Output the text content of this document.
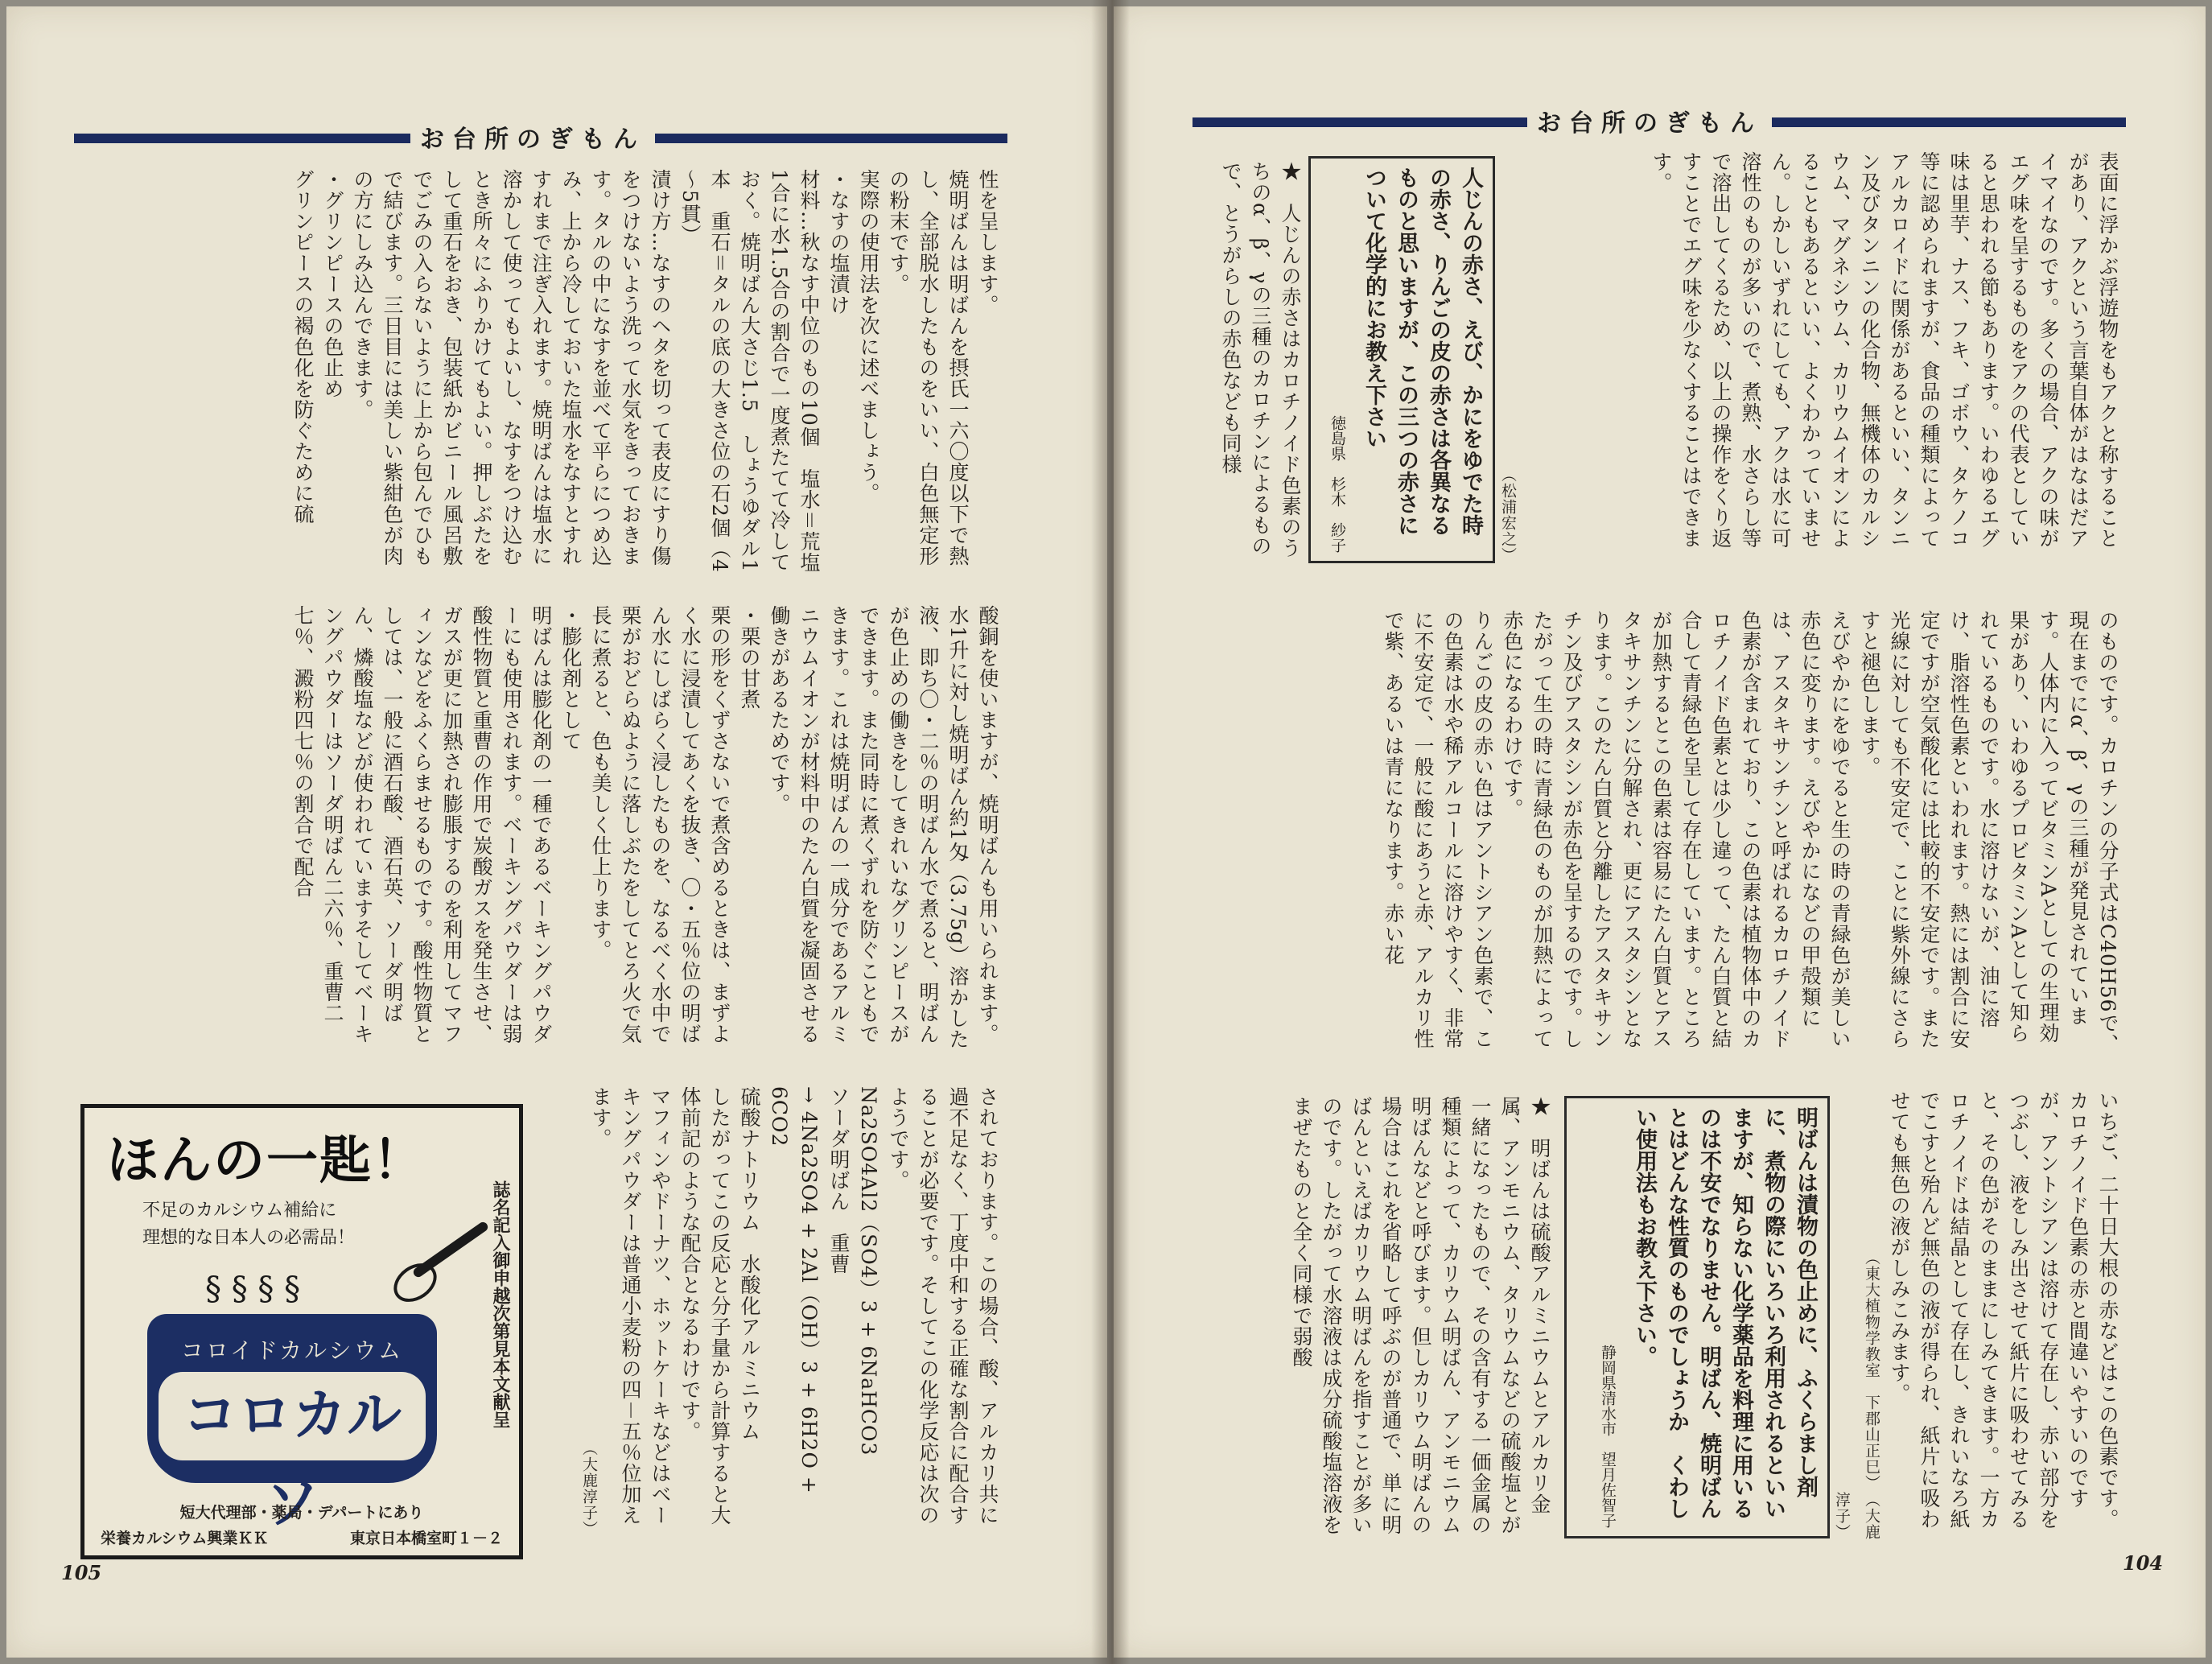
お台所のぎもん
お台所のぎもん
表面に浮かぶ浮遊物をもアクと称することがあり、アクという言葉自体がはなはだアイマイなのです。多くの場合、アクの味がエグ味を呈するものをアクの代表としていると思われる節もあります。いわゆるエグ味は里芋、ナス、フキ、ゴボウ、タケノコ等に認められますが、食品の種類によってアルカロイドに関係があるといい、タンニン及びタンニンの化合物、無機体のカルシウム、マグネシウム、カリウムイオンによることもあるといい、よくわかっていません。しかしいずれにしても、アクは水に可溶性のものが多いので、煮熟、水さらし等で溶出してくるため、以上の操作をくり返すことでエグ味を少なくすることはできます。
（松浦宏之）
人じんの赤さ、えび、かにをゆでた時の赤さ、りんごの皮の赤さは各異なるものと思いますが、この三つの赤さについて化学的にお教え下さい
徳島県　杉木　紗子
★　人じんの赤さはカロチノイド色素のうちのα、β、γの三種のカロチンによるもので、とうがらしの赤色なども同様
のものです。カロチンの分子式はC40H56で、現在までにα、β、γの三種が発見されています。人体内に入ってビタミンAとしての生理効果があり、いわゆるプロビタミンAとして知られているものです。水に溶けないが、油に溶け、脂溶性色素といわれます。熱には割合に安定ですが空気酸化には比較的不安定です。また光線に対しても不安定で、ことに紫外線にさらすと褪色します。
えびやかにをゆでると生の時の青緑色が美しい赤色に変ります。えびやかになどの甲殻類には、アスタキサンチンと呼ばれるカロチノイド色素が含まれており、この色素は植物体中のカロチノイド色素とは少し違って、たん白質と結合して青緑色を呈して存在しています。ところが加熱するとこの色素は容易にたん白質とアスタキサンチンに分解され、更にアスタシンとなります。このたん白質と分離したアスタキサンチン及びアスタシンが赤色を呈するのです。したがって生の時に青緑色のものが加熱によって赤色になるわけです。
りんごの皮の赤い色はアントシアン色素で、この色素は水や稀アルコールに溶けやすく、非常に不安定で、一般に酸にあうと赤、アルカリ性で紫、あるいは青になります。赤い花
いちご、二十日大根の赤などはこの色素です。カロチノイド色素の赤と間違いやすいのですが、アントシアンは溶けて存在し、赤い部分をつぶし、液をしみ出させて紙片に吸わせてみると、その色がそのままにしみてきます。一方カロチノイドは結晶として存在し、きれいなろ紙でこすと殆んど無色の液が得られ、紙片に吸わせても無色の液がしみこみます。
（東大植物学教室　下郡山正巳）　（大鹿淳子）
明ばんは漬物の色止めに、ふくらまし剤に、煮物の際にいろいろ利用されるといいますが、知らない化学薬品を料理に用いるのは不安でなりません。明ばん、焼明ばんとはどんな性質のものでしょうか　くわしい使用法もお教え下さい。
静岡県清水市　望月佐智子
★　明ばんは硫酸アルミニウムとアルカリ金属、アンモニウム、タリウムなどの硫酸塩とが一緒になったもので、その含有する一価金属の種類によって、カリウム明ばん、アンモニウム明ばんなどと呼びます。但しカリウム明ばんの場合はこれを省略して呼ぶのが普通で、単に明ばんといえばカリウム明ばんを指すことが多いのです。したがって水溶液は成分硫酸塩溶液をまぜたものと全く同様で弱酸
104
性を呈します。
焼明ばんは明ばんを摂氏一六〇度以下で熱し、全部脱水したものをいい、白色無定形の粉末です。
実際の使用法を次に述べましょう。
・なすの塩漬け
材料…秋なす中位のもの10個　塩水＝荒塩1合に水1.5合の割合で一度煮たてて冷しておく。焼明ばん大さじ1.5　しょうゆダル1本　重石＝タルの底の大きさ位の石2個（4～5貫）
漬け方…なすのヘタを切って表皮にすり傷をつけないよう洗って水気をきっておきます。タルの中になすを並べて平らにつめ込み、上から冷しておいた塩水をなすとすれすれまで注ぎ入れます。焼明ばんは塩水に溶かして使ってもよいし、なすをつけ込むとき所々にふりかけてもよい。押しぶたをして重石をおき、包装紙かビニール風呂敷でごみの入らないように上から包んでひもで結びます。三日目には美しい紫紺色が肉の方にしみ込んできます。
・グリンピースの色止め
グリンピースの褐色化を防ぐために硫
酸銅を使いますが、焼明ばんも用いられます。水1升に対し焼明ばん約1匁（3.75g）溶かした液、即ち〇・二％の明ばん水で煮ると、明ばんが色止めの働きをしてきれいなグリンピースができます。また同時に煮くずれを防ぐこともできます。これは焼明ばんの一成分であるアルミニウムイオンが材料中のたん白質を凝固させる働きがあるためです。
・栗の甘煮
栗の形をくずさないで煮含めるときは、まずよく水に浸漬してあくを抜き、〇・五％位の明ばん水にしばらく浸したものを、なるべく水中で栗がおどらぬように落しぶたをしてとろ火で気長に煮ると、色も美しく仕上ります。
・膨化剤として
明ばんは膨化剤の一種であるベーキングパウダーにも使用されます。ベーキングパウダーは弱酸性物質と重曹の作用で炭酸ガスを発生させ、ガスが更に加熱され膨脹するのを利用してマフィンなどをふくらませるものです。酸性物質としては、一般に酒石酸、酒石英、ソーダ明ばん、燐酸塩などが使われていますそしてベーキングパウダーはソーダ明ばん二六％、重曹二七％、澱粉四七％の割合で配合
されております。この場合、酸、アルカリ共に過不足なく、丁度中和する正確な割合に配合することが必要です。そしてこの化学反応は次のようです。
Na2SO4Al2（SO4）3 + 6NaHCO3
ソーダ明ばん　重曹
→ 4Na2SO4 + 2Al（OH）3 + 6H2O + 6CO2
硫酸ナトリウム　水酸化アルミニウム
したがってこの反応と分子量から計算すると大体前記のような配合となるわけです。
マフィンやドーナツ、ホットケーキなどはベーキングパウダーは普通小麦粉の四－五％位加えます。
（大鹿淳子）
105
ほんの一匙！
不足のカルシウム補給に
理想的な日本人の必需品！
§ § § §
コロイドカルシウム
コロカルソ
誌名記入御申越次第見本文献呈
短大代理部・薬局・デパートにあり
栄養カルシウム興業ＫＫ	東京日本橋室町１－２
